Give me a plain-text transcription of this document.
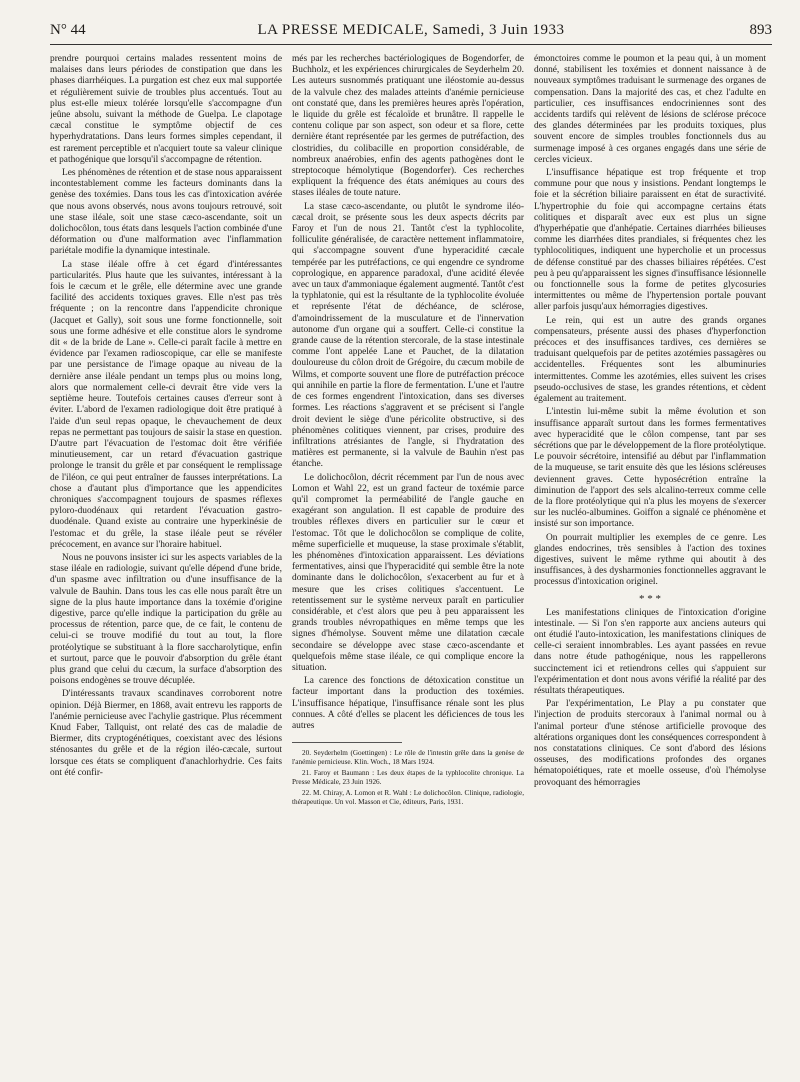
N° 44	LA PRESSE MEDICALE, Samedi, 3 Juin 1933	893

prendre pourquoi certains malades ressentent moins de malaises dans leurs périodes de constipation que dans les phases diarrhéiques. La purgation est chez eux mal supportée et régulièrement suivie de troubles plus accentués. Tout au plus est-elle mieux tolérée lorsqu'elle s'accompagne d'un jeûne absolu, suivant la méthode de Guelpa. Le clapotage cæcal constitue le symptôme objectif de ces hyperhydratations. Dans leurs formes simples cependant, il est rarement perceptible et n'acquiert toute sa valeur clinique et pathogénique que lorsqu'il s'accompagne de rétention.

Les phénomènes de rétention et de stase nous apparaissent incontestablement comme les facteurs dominants dans la genèse des toxémies. Dans tous les cas d'intoxication avérée que nous avons observés, nous avons toujours retrouvé, soit une stase iléale, soit une stase cæco-ascendante, soit un dolichocôlon, tous états dans lesquels l'action combinée d'une déformation ou d'une malformation avec l'inflammation pariétale modifie la dynamique intestinale.

La stase iléale offre à cet égard d'intéressantes particularités. Plus haute que les suivantes, intéressant à la fois le cæcum et le grêle, elle détermine avec une grande facilité des accidents toxiques graves. Elle n'est pas très fréquente ; on la rencontre dans l'appendicite chronique (Jacquet et Gally), soit sous une forme fonctionnelle, soit sous une forme adhésive et elle constitue alors le syndrome dit « de la bride de Lane ». Celle-ci paraît facile à mettre en évidence par l'examen radioscopique, car elle se manifeste par une persistance de l'image opaque au niveau de la dernière anse iléale pendant un temps plus ou moins long, alors que normalement celle-ci devrait être vide vers la septième heure. Toutefois certaines causes d'erreur sont à éviter. L'abord de l'examen radiologique doit être pratiqué à l'aide d'un seul repas opaque, le chevauchement de deux repas ne permettant pas toujours de saisir la stase en question. D'autre part l'évacuation de l'estomac doit être vérifiée minutieusement, car un retard d'évacuation gastrique prolonge le transit du grêle et par conséquent le remplissage de l'iléon, ce qui peut entraîner de fausses interprétations. La chose a d'autant plus d'importance que les appendicites chroniques s'accompagnent toujours de spasmes réflexes pyloro-duodénaux qui retardent l'évacuation gastro-duodénale. Quand existe au contraire une hyperkinésie de l'estomac et du grêle, la stase iléale peut se révéler précocement, en avance sur l'horaire habituel.

Nous ne pouvons insister ici sur les aspects variables de la stase iléale en radiologie, suivant qu'elle dépend d'une bride, d'un spasme avec infiltration ou d'une insuffisance de la valvule de Bauhin. Dans tous les cas elle nous paraît être un signe de la plus haute importance dans la toxémie d'origine digestive, parce qu'elle indique la participation du grêle au processus de rétention, parce que, de ce fait, le contenu de celui-ci se trouve modifié du tout au tout, la flore protéolytique se substituant à la flore saccharolytique, enfin et surtout, parce que le pouvoir d'absorption du grêle étant plus grand que celui du cæcum, la surface d'absorption des poisons endogènes se trouve décuplée.

D'intéressants travaux scandinaves corroborent notre opinion. Déjà Biermer, en 1868, avait entrevu les rapports de l'anémie pernicieuse avec l'achylie gastrique. Plus récemment Knud Faber, Tallquist, ont relaté des cas de maladie de Biermer, dits cryptogénétiques, coexistant avec des lésions sténosantes du grêle et de la région iléo-cæcale, surtout lorsque ces états se compliquent d'anachlorhydrie. Ces faits ont été confir-

més par les recherches bactériologiques de Bogendorfer, de Buchholz, et les expériences chirurgicales de Seyderhelm 20. Les auteurs susnommés pratiquant une iléostomie au-dessus de la valvule chez des malades atteints d'anémie pernicieuse ont constaté que, dans les premières heures après l'opération, le liquide du grêle est fécaloïde et brunâtre. Il rappelle le contenu colique par son aspect, son odeur et sa flore, cette dernière étant représentée par les germes de putréfaction, des clostridies, du colibacille en proportion considérable, de nombreux anaérobies, enfin des agents pathogènes dont le streptocoque hémolytique (Bogendorfer). Ces recherches expliquent la fréquence des états anémiques au cours des stases iléales de toute nature.

La stase cæco-ascendante, ou plutôt le syndrome iléo-cæcal droit, se présente sous les deux aspects décrits par Faroy et l'un de nous 21. Tantôt c'est la typhlocolite, folliculite généralisée, de caractère nettement inflammatoire, qui s'accompagne souvent d'une hyperacidité cæcale tempérée par les putréfactions, ce qui engendre ce syndrome coprologique, en apparence paradoxal, d'une acidité élevée avec un taux d'ammoniaque également augmenté. Tantôt c'est la typhlatonie, qui est la résultante de la typhlocolite évoluée et représente l'état de déchéance, de sclérose, d'amoindrissement de la musculature et de l'innervation autonome d'un organe qui a souffert. Celle-ci constitue la grande cause de la rétention stercorale, de la stase intestinale comme l'ont appelée Lane et Pauchet, de la dilatation douloureuse du côlon droit de Grégoire, du cæcum mobile de Wilms, et comporte souvent une flore de putréfaction précoce qui annihile en partie la flore de fermentation. L'une et l'autre de ces formes engendrent l'intoxication, dans ses diverses formes. Les réactions s'aggravent et se précisent si l'angle droit devient le siège d'une péricolite obstructive, si des phénomènes colitiques viennent, par crises, produire des infiltrations atrésiantes de l'angle, si l'hydratation des matières est permanente, si la valvule de Bauhin n'est pas étanche.

Le dolichocôlon, décrit récemment par l'un de nous avec Lomon et Wahl 22, est un grand facteur de toxémie parce qu'il compromet la perméabilité de l'angle gauche en exagérant son angulation. Il est capable de produire des troubles réflexes divers en particulier sur le cœur et l'estomac. Tôt que le dolichocôlon se complique de colite, même superficielle et muqueuse, la stase proximale s'établit, les phénomènes d'intoxication apparaissent. Les déviations fermentatives, ainsi que l'hyperacidité qui semble être la note dominante dans le dolichocôlon, s'exacerbent au fur et à mesure que les crises colitiques s'accentuent. Le retentissement sur le système nerveux paraît en particulier considérable, et c'est alors que peu à peu apparaissent les grands troubles névropathiques en même temps que les signes d'hémolyse. Souvent même une dilatation cæcale secondaire se développe avec stase cæco-ascendante et quelquefois même stase iléale, ce qui complique encore la situation.

La carence des fonctions de détoxication constitue un facteur important dans la production des toxémies. L'insuffisance hépatique, l'insuffisance rénale sont les plus connues. A côté d'elles se placent les déficiences de tous les autres

20. Seyderhelm (Goettingen) : Le rôle de l'intestin grêle dans la genèse de l'anémie pernicieuse. Klin. Woch., 18 Mars 1924.

21. Faroy et Baumann : Les deux étapes de la typhlocolite chronique. La Presse Médicale, 23 Juin 1926.

22. M. Chiray, A. Lomon et R. Wahl : Le dolichocôlon. Clinique, radiologie, thérapeutique. Un vol. Masson et Cie, éditeurs, Paris, 1931.

émonctoires comme le poumon et la peau qui, à un moment donné, stabilisent les toxémies et donnent naissance à de nouveaux symptômes traduisant le surmenage des organes de compensation. Dans la majorité des cas, et chez l'adulte en particulier, ces insuffisances endocriniennes sont des accidents tardifs qui relèvent de lésions de sclérose précoce des glandes déterminées par les produits toxiques, plus souvent encore de simples troubles fonctionnels dus au surmenage imposé à ces organes engagés dans une série de cercles vicieux.

L'insuffisance hépatique est trop fréquente et trop commune pour que nous y insistions. Pendant longtemps le foie et la sécrétion biliaire paraissent en état de suractivité. L'hypertrophie du foie qui accompagne certains états colitiques et disparaît avec eux est plus un signe d'hyperhépatie que d'anhépatie. Certaines diarrhées bilieuses comme les diarrhées dites prandiales, si fréquentes chez les typhlocolitiques, indiquent une hypercholie et un processus de défense constitué par des chasses biliaires répétées. C'est peu à peu qu'apparaissent les signes d'insuffisance lésionnelle ou fonctionnelle sous la forme de petites glycosuries intermittentes ou même de l'hypertension portale pouvant aller parfois jusqu'aux hémorragies digestives.

Le rein, qui est un autre des grands organes compensateurs, présente aussi des phases d'hyperfonction précoces et des insuffisances tardives, ces dernières se traduisant quelquefois par de petites azotémies passagères ou accidentelles. Fréquentes sont les albuminuries intermittentes. Comme les azotémies, elles suivent les crises pseudo-occlusives de stase, les grandes rétentions, et cèdent également au traitement.

L'intestin lui-même subit la même évolution et son insuffisance apparaît surtout dans les formes fermentatives avec hyperacidité que le côlon compense, tant par ses sécrétions que par le développement de la flore protéolytique. Le pouvoir sécrétoire, intensifié au début par l'inflammation de la muqueuse, se tarit ensuite dès que les lésions scléreuses deviennent graves. Cette hyposécrétion entraîne la diminution de l'apport des sels alcalino-terreux comme celle de la flore protéolytique qui n'a plus les moyens de s'exercer sur les nucléo-albumines. Goiffon a signalé ce phénomène et insisté sur son importance.

On pourrait multiplier les exemples de ce genre. Les glandes endocrines, très sensibles à l'action des toxines digestives, suivent le même rythme qui aboutit à des insuffisances, à des dysharmonies fonctionnelles aggravant le processus d'intoxication originel.

* * *

Les manifestations cliniques de l'intoxication d'origine intestinale. — Si l'on s'en rapporte aux anciens auteurs qui ont étudié l'auto-intoxication, les manifestations cliniques de celle-ci seraient innombrables. Les ayant passées en revue dans notre étude pathogénique, nous les rappellerons succinctement ici et retiendrons celles qui s'appuient sur l'expérimentation et dont nous avons vérifié la réalité par des résultats thérapeutiques.

Par l'expérimentation, Le Play a pu constater que l'injection de produits stercoraux à l'animal normal ou à l'animal porteur d'une sténose artificielle provoque des altérations organiques dont les conséquences correspondent à nos constatations cliniques. Ce sont d'abord des lésions osseuses, des modifications profondes des organes hématopoiétiques, rate et moelle osseuse, d'où l'hémolyse provoquant des hémorragies
